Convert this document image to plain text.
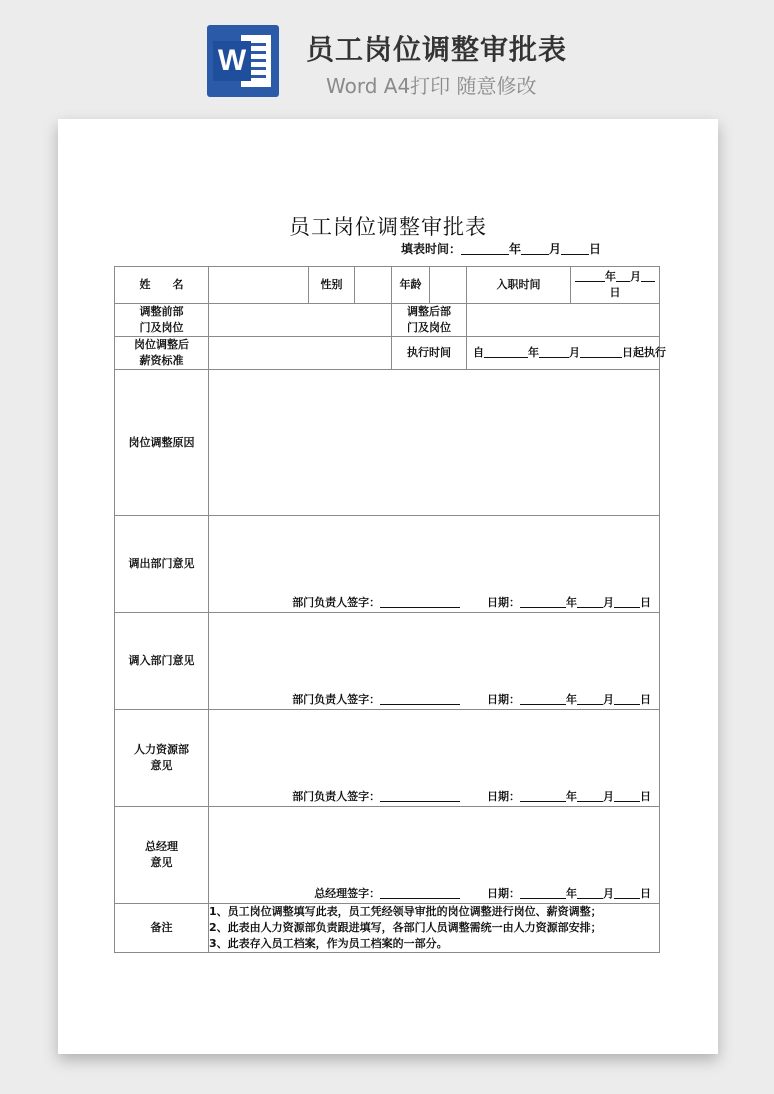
W 员工岗位调整审批表
Word A4打印 随意修改
员工岗位调整审批表
填表时间：	年 月 日
姓　　名		性别		年龄		入职时间	年 月日
调整前部
门及岗位				调整后部
门及岗位			
岗位调整后
薪资标准				执行时间		自 年 月 日起执行	
岗位调整原因							
调出部门意见	部门负责人签字： 日期： 年 月 日						

调入部门意见	部门负责人签字： 日期： 年 月 日						

人力资源部
意见	部门负责人签字： 日期： 年 月 日						

总经理
意见	总经理签字： 日期： 年 月 日						

备注	1、员工岗位调整填写此表，员工凭经领导审批的岗位调整进行岗位、薪资调整；
2、此表由人力资源部负责跟进填写，各部门人员调整需统一由人力资源部安排；
3、此表存入员工档案，作为员工档案的一部分。						
